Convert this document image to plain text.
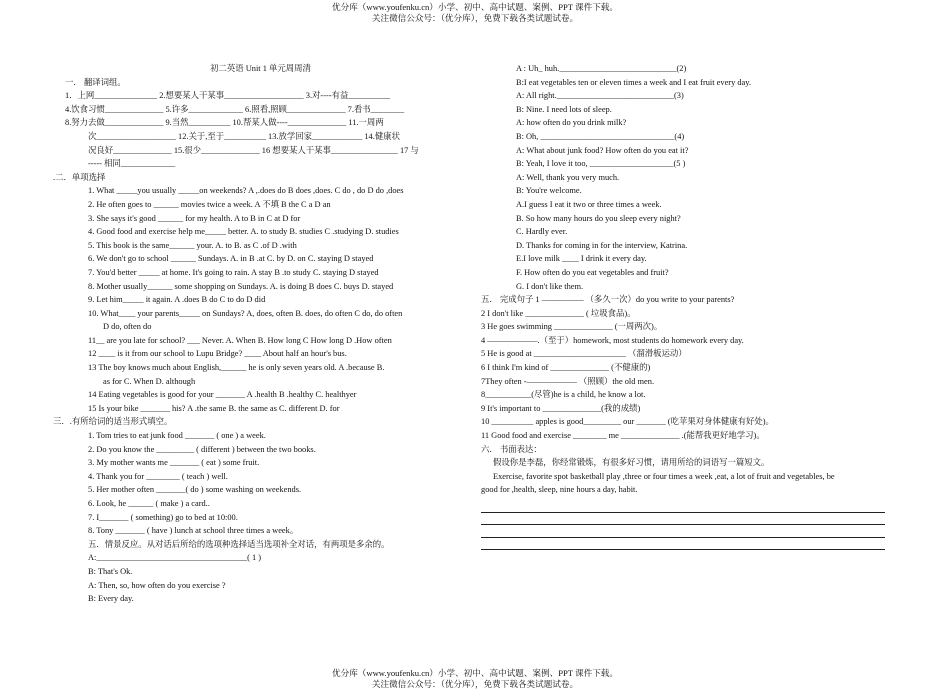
优分库（www.youfenku.cn）小学、初中、高中试题、案例、PPT 课件下载。
关注微信公众号：（优分库），免费下载各类试题试卷。
初二英语 Unit 1 单元周周清
一． 翻译词组。
1．上网_______________ 2.想要某人干某事___________________ 3.对----有益__________
4.饮食习惯______________ 5.许多_____________ 6.照看,照顾______________ 7.看书________
8.努力去做______________ 9.当然__________ 10.帮某人做----______________ 11.一周两
次___________________ 12.关于,至于__________ 13.放学回家____________ 14.健康状
况良好______________ 15.很少______________ 16 想要某人干某事________________ 17 与
----- 相同_____________
.二．单项选择
1. What _____you usually _____on weekends? A ,.does do B does ,does. C do , do D do ,does
2. He often goes to ______ movies twice a week. A 不填 B the C a D an
3. She says it's good ______ for my health. A to B in C at D for
4. Good food and exercise help me_____ better. A. to study B. studies C .studying D. studies
5. This book is the same______ your. A. to B. as C .of D .with
6. We don't go to school ______ Sundays. A. in B .at C. by D. on C. staying D stayed
7. You'd better _____ at home. It's going to rain. A stay B .to study C. staying D stayed
8. Mother usually______ some shopping on Sundays. A. is doing B does C. buys D. stayed
9. Let him_____ it again. A .does B do C to do D did
10. What____ your parents_____ on Sundays? A, does, often B. does, do often C do, do often
D do, often do
11__ are you late for school? ___ Never. A. When B. How long C How long D .How often
12 ____ is it from our school to Lupu Bridge? ____ About half an hour's bus.
13 The boy knows much about English,______ he is only seven years old. A .because B.
as for C. When D. although
14 Eating vegetables is good for your _______ A .health B .healthy C. healthyer
15 Is your bike _______ his? A .the same B. the same as C. different D. for
三．.有所给词的适当形式填空。
1. Tom tries to eat junk food _______ ( one ) a week.
2. Do you know the _________ ( different ) between the two books.
3. My mother wants me _______ ( eat ) some fruit.
4. Thank you for ________ ( teach ) well.
5. Her mother often _______( do ) some washing on weekends.
6. Look, he ______ ( make ) a card..
7. I_______ ( something) go to bed at 10:00.
8. Tony _______ ( have ) lunch at school three times a week。
五．情景反应。从对话后所给的选项种选择适当选项补全对话，有两项是多余的。
A:____________________________________( 1 )
B: That's Ok.
A: Then, so, how often do you exercise ?
B: Every day.
A : Uh_ huh.____________________________(2)
B:I eat vegetables ten or eleven times a week and I eat fruit every day.
A: All right.____________________________(3)
B: Nine. I need lots of sleep.
A: how often do you drink milk?
B: Oh, ________________________________(4)
A: What about junk food? How often do you eat it?
B: Yeah, I love it too, ____________________(5 )
A: Well, thank you very much.
B: You're welcome.
A.I guess I eat it two or three times a week.
B. So how many hours do you sleep every night?
C. Hardly ever.
D. Thanks for coming in for the interview, Katrina.
E.I love milk ____ I drink it every day.
F. How often do you eat vegetables and fruit?
G. I don't like them.
五． 完成句子 1 ————— （多久一次）do you write to your parents?
2 I don't like ______________ ( 垃圾食品)。
3 He goes swimming ______________ (一周两次)。
4 ——————.（至于）homework, most students do homework every day.
5 He is good at ______________________ （溜滑板运动）
6 I think I'm kind of ______________ (不健康的)
7They often -—————— （照顾）the old men.
8___________(尽管)he is a child, he know a lot.
9 It's important to ______________(我的成绩)
10 __________ apples is good_________ our _______ (吃苹果对身体健康有好处)。
11 Good food and exercise ________ me ______________ .(能帮我更好地学习)。
六． 书面表达：
假设你是李磊，你经常锻炼，有很多好习惯，请用所给的词语写一篇短文。
Exercise, favorite spot basketball play ,three or four times a week ,eat, a lot of fruit and vegetables, be
good for ,health, sleep, nine hours a day, habit.
优分库（www.youfenku.cn）小学、初中、高中试题、案例、PPT 课件下载。
关注微信公众号：（优分库），免费下载各类试题试卷。
